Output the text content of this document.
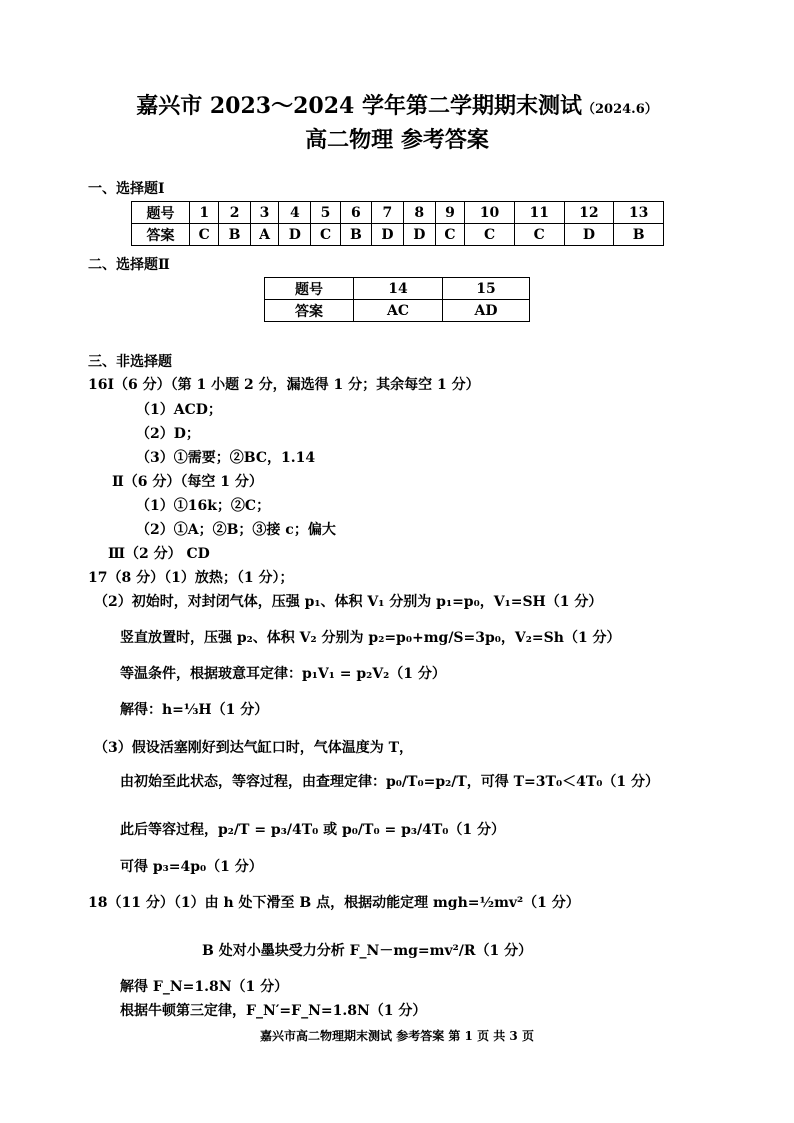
嘉兴市 2023～2024 学年第二学期期末测试（2024.6）
高二物理 参考答案
一、选择题Ⅰ
题号	1	2	3	4	5	6	7	8	9	10	11	12	13
答案	C	B	A	D	C	B	D	D	C	C	C	D	B
二、选择题Ⅱ
题号	14	15
答案	AC	AD
三、非选择题
16Ⅰ（6 分）（第 1 小题 2 分，漏选得 1 分；其余每空 1 分）
（1）ACD；
（2）D；
（3）①需要；②BC，1.14
Ⅱ（6 分）（每空 1 分）
（1）①16k；②C；
（2）①A；②B；③接 c；偏大
Ⅲ（2 分） CD
17（8 分）（1）放热；（1 分）；
（2）初始时，对封闭气体，压强 p₁、体积 V₁ 分别为 p₁=p₀，V₁=SH（1 分）
竖直放置时，压强 p₂、体积 V₂ 分别为 p₂=p₀+mg/S=3p₀，V₂=Sh（1 分）
等温条件，根据玻意耳定律：p₁V₁ = p₂V₂（1 分）
解得：h=⅓H（1 分）
（3）假设活塞刚好到达气缸口时，气体温度为 T，
由初始至此状态，等容过程，由查理定律：p₀/T₀=p₂/T，可得 T=3T₀＜4T₀（1 分）
此后等容过程，p₂/T = p₃/4T₀ 或 p₀/T₀ = p₃/4T₀（1 分）
可得 p₃=4p₀（1 分）
18（11 分）（1）由 h 处下滑至 B 点，根据动能定理 mgh=½mv²（1 分）
B 处对小墨块受力分析 F_N－mg=mv²/R（1 分）
解得 F_N=1.8N（1 分）
根据牛顿第三定律，F_N′=F_N=1.8N（1 分）
嘉兴市高二物理期末测试 参考答案 第 1 页 共 3 页
